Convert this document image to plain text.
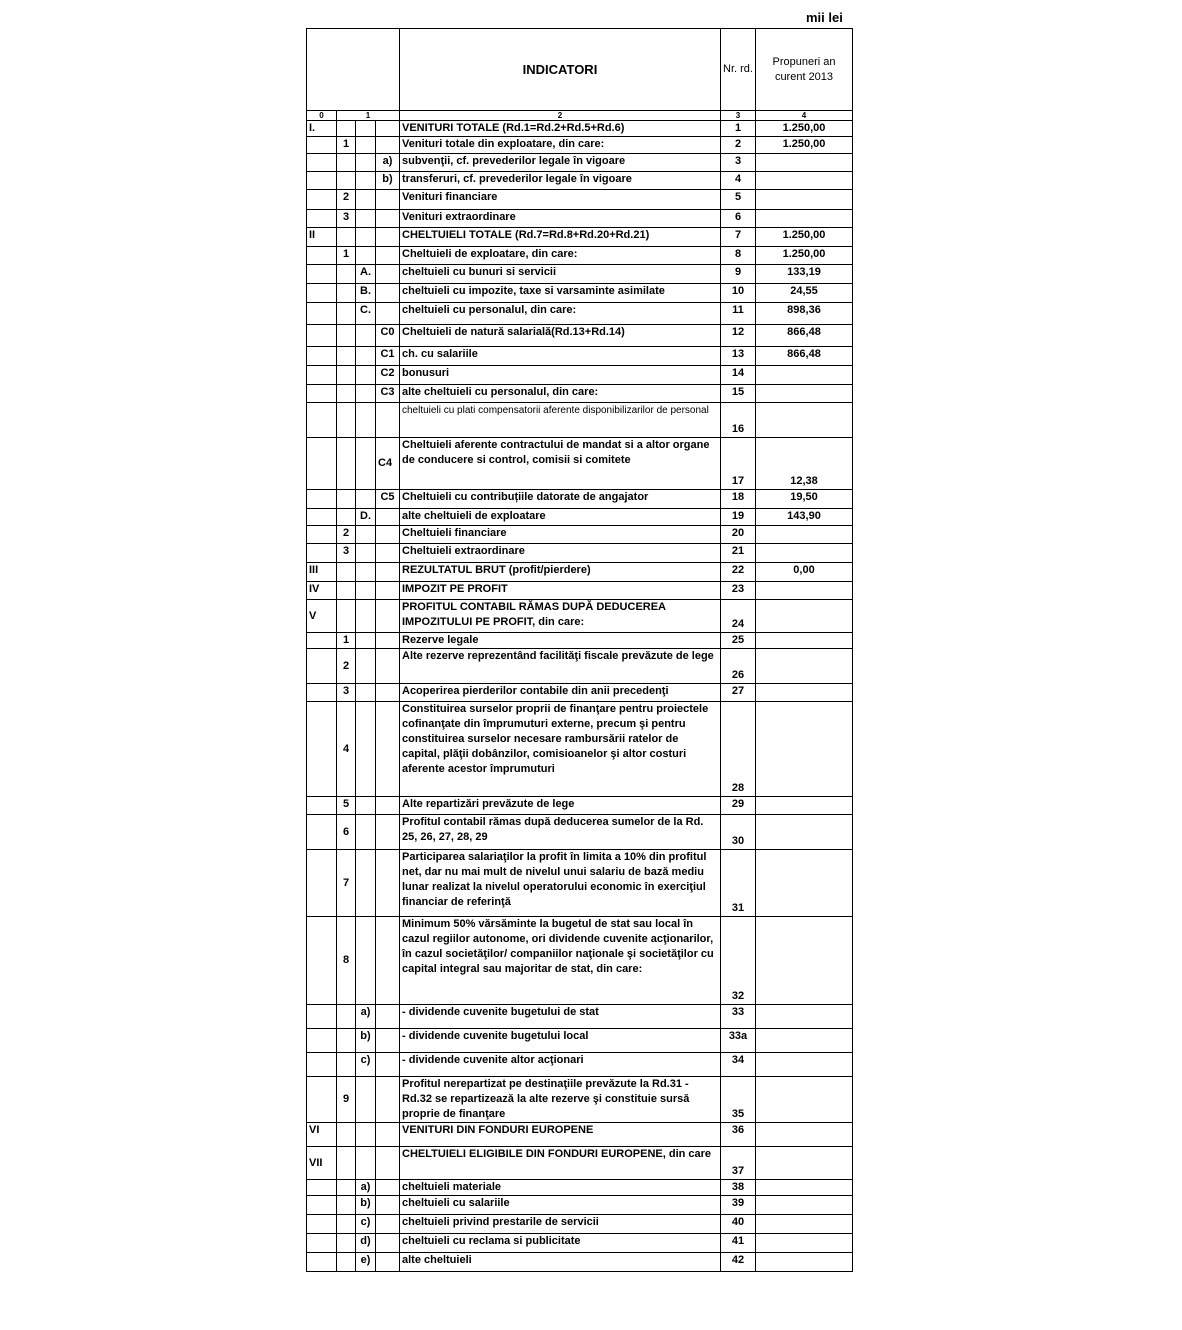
mii lei
				INDICATORI	Nr. rd.	Propuneri an curent 2013
0	1			2	3	4
I.				VENITURI TOTALE (Rd.1=Rd.2+Rd.5+Rd.6)	1	1.250,00
	1			Venituri totale din exploatare, din care:	2	1.250,00
			a)	subvenţii, cf. prevederilor legale în vigoare	3	
			b)	transferuri, cf. prevederilor legale în vigoare	4	
	2			Venituri financiare	5	
	3			Venituri extraordinare	6	
II				CHELTUIELI TOTALE (Rd.7=Rd.8+Rd.20+Rd.21)	7	1.250,00
	1			Cheltuieli de exploatare, din care:	8	1.250,00
		A.		cheltuieli cu bunuri si servicii	9	133,19
		B.		cheltuieli cu impozite, taxe si varsaminte asimilate	10	24,55
		C.		cheltuieli cu personalul, din care:	11	898,36
			C0	Cheltuieli de natură salarială(Rd.13+Rd.14)	12	866,48
			C1	ch. cu salariile	13	866,48
			C2	bonusuri	14	
			C3	alte cheltuieli cu personalul, din care:	15	
				cheltuieli cu plati compensatorii aferente disponibilizarilor de personal	16	
			C4	Cheltuieli aferente contractului de mandat si a altor organe de conducere si control, comisii si comitete	17	12,38
			C5	Cheltuieli cu contribuțiile datorate de angajator	18	19,50
		D.		alte cheltuieli de exploatare	19	143,90
	2			Cheltuieli financiare	20	
	3			Cheltuieli extraordinare	21	
III				REZULTATUL BRUT (profit/pierdere)	22	0,00
IV				IMPOZIT PE PROFIT	23	
V				PROFITUL CONTABIL RĂMAS DUPĂ DEDUCEREA IMPOZITULUI PE PROFIT, din care:	24	
	1			Rezerve legale	25	
	2			Alte rezerve reprezentând facilităţi fiscale prevăzute de lege	26	
	3			Acoperirea pierderilor contabile din anii precedenţi	27	
	4			Constituirea surselor proprii de finanţare pentru proiectele cofinanţate din împrumuturi externe, precum şi pentru constituirea surselor necesare rambursării ratelor de capital, plăţii dobânzilor, comisioanelor şi altor costuri aferente acestor împrumuturi	28	
	5			Alte repartizări prevăzute de lege	29	
	6			Profitul contabil rămas după deducerea sumelor de la Rd. 25, 26, 27, 28, 29	30	
	7			Participarea salariaţilor la profit în limita a 10% din profitul net, dar nu mai mult de nivelul unui salariu de bază mediu lunar realizat la nivelul operatorului economic în exerciţiul financiar de referinţă	31	
	8			Minimum 50% vărsăminte la bugetul de stat sau local în cazul regiilor autonome, ori dividende cuvenite acţionarilor, în cazul societăţilor/ companiilor naţionale şi societăţilor cu capital integral sau majoritar de stat, din care:	32	
		a)		- dividende cuvenite bugetului de stat	33	
		b)		- dividende cuvenite bugetului local	33a	
		c)		- dividende cuvenite altor acţionari	34	
	9			Profitul nerepartizat pe destinaţiile prevăzute la Rd.31 - Rd.32 se repartizează la alte rezerve şi constituie sursă proprie de finanţare	35	
VI				VENITURI DIN FONDURI EUROPENE	36	
VII				CHELTUIELI ELIGIBILE DIN FONDURI EUROPENE, din care	37	
		a)		cheltuieli materiale	38	
		b)		cheltuieli cu salariile	39	
		c)		cheltuieli privind prestarile de servicii	40	
		d)		cheltuieli cu reclama si publicitate	41	
		e)		alte cheltuieli	42	
